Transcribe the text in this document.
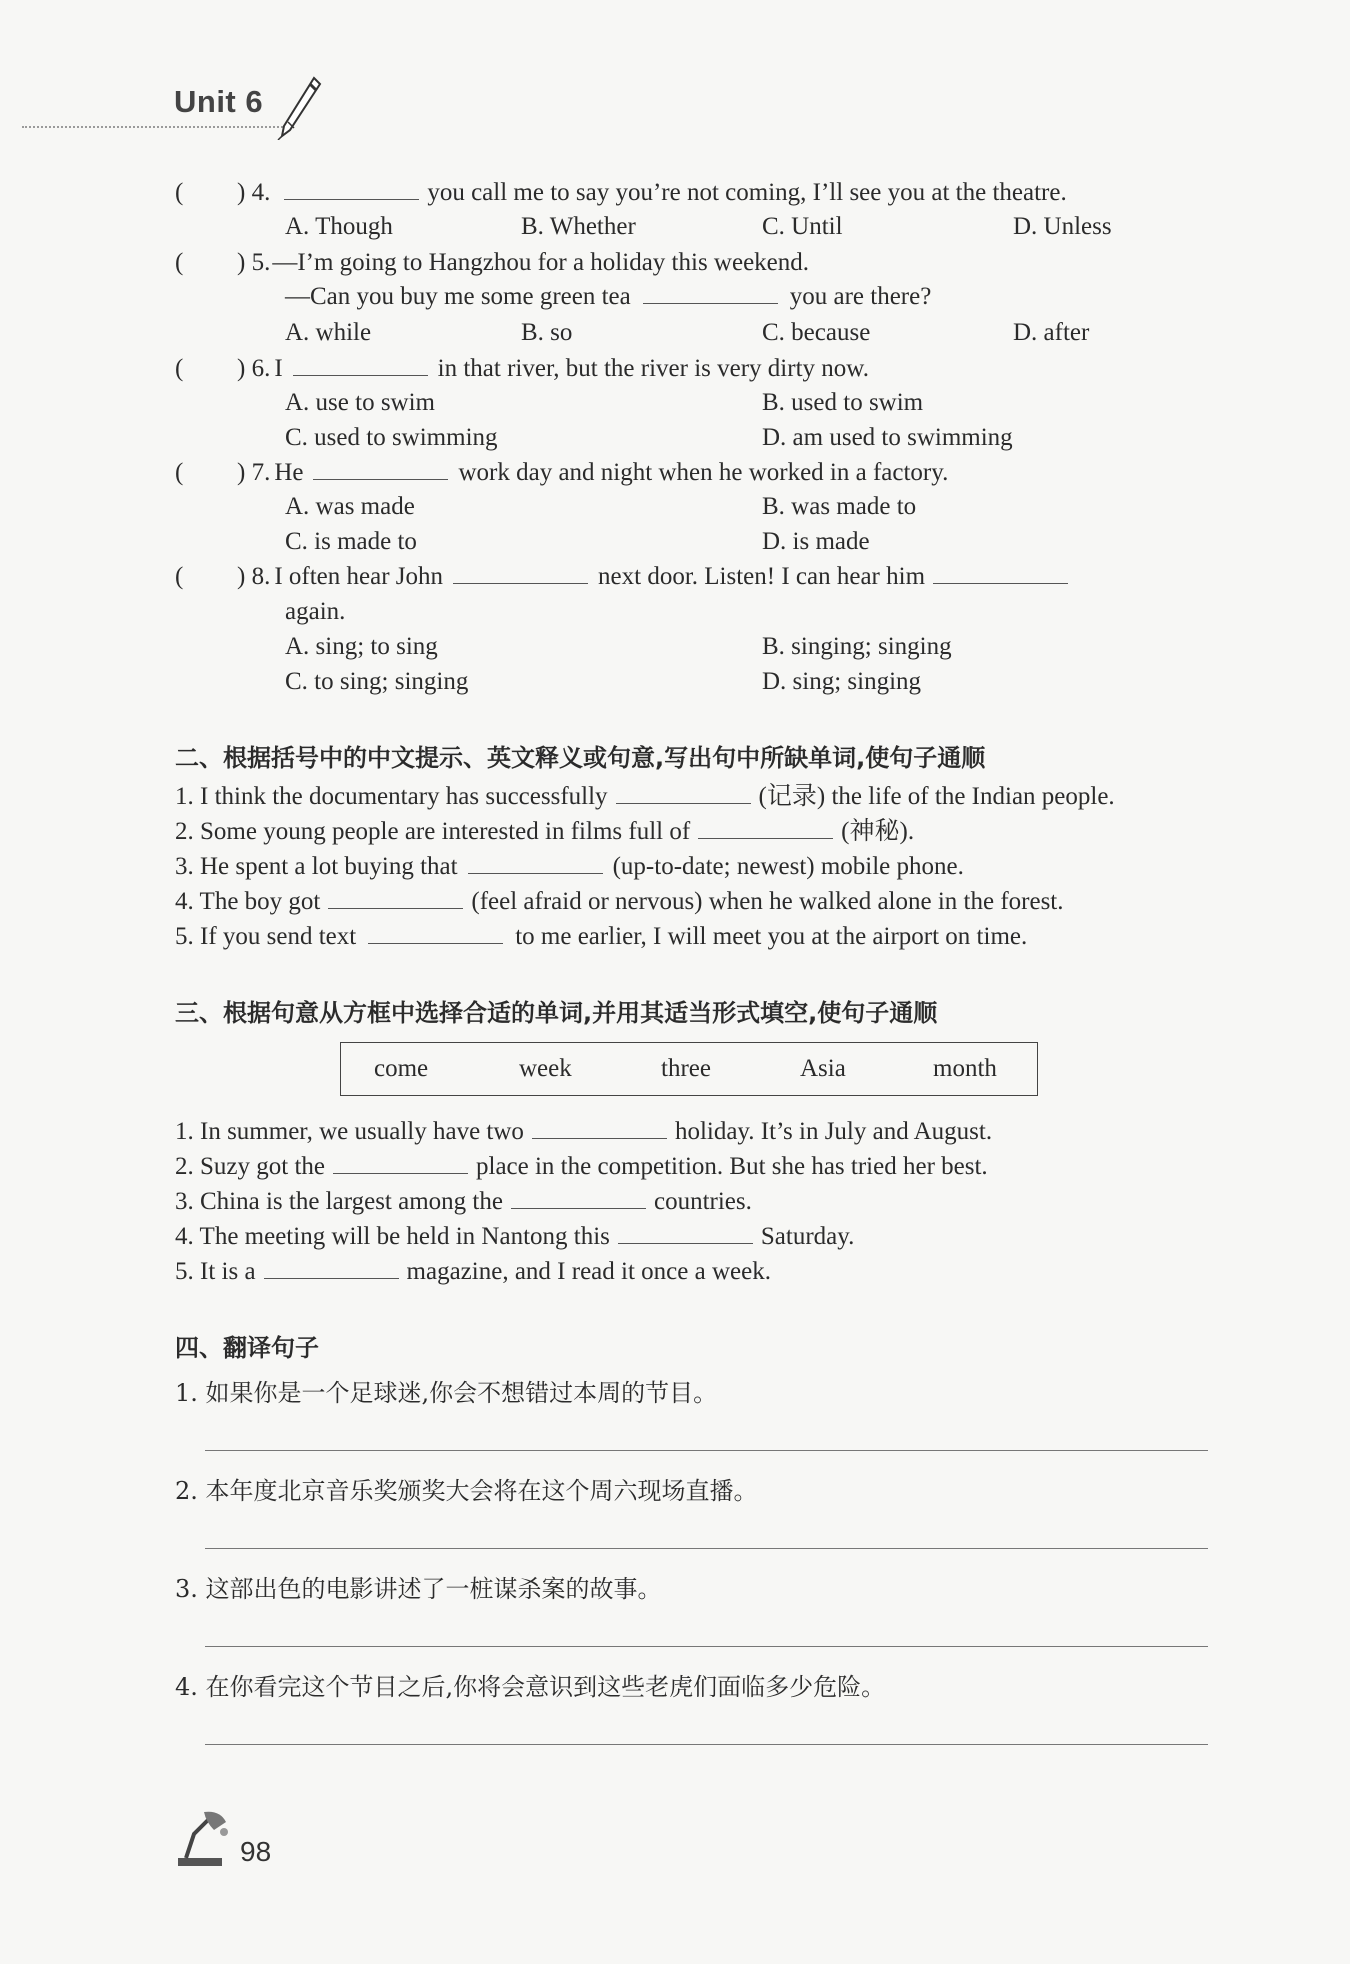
Unit 6
( ) 4.	you call me to say you’re not coming, I’ll see you at the theatre.
A. Though	B. Whether	C. Until	D. Unless
( ) 5.—I’m going to Hangzhou for a holiday this weekend.
—Can you buy me some green tea	you are there?
A. while	B. so	C. because	D. after
( ) 6. I	in that river, but the river is very dirty now.
A. use to swim	B. used to swim
C. used to swimming	D. am used to swimming
( ) 7. He	work day and night when he worked in a factory.
A. was made	B. was made to
C. is made to	D. is made
( ) 8. I often hear John	next door. Listen! I can hear him
again.
A. sing; to sing	B. singing; singing
C. to sing; singing	D. sing; singing
二、根据括号中的中文提示、英文释义或句意,写出句中所缺单词,使句子通顺
1. I think the documentary has successfully	(记录) the life of the Indian people.
2. Some young people are interested in films full of	(神秘).
3. He spent a lot buying that	(up-to-date; newest) mobile phone.
4. The boy got	(feel afraid or nervous) when he walked alone in the forest.
5. If you send text	to me earlier, I will meet you at the airport on time.
三、根据句意从方框中选择合适的单词,并用其适当形式填空,使句子通顺
come	week	three	Asia	month
1. In summer, we usually have two	holiday. It’s in July and August.
2. Suzy got the	place in the competition. But she has tried her best.
3. China is the largest among the	countries.
4. The meeting will be held in Nantong this	Saturday.
5. It is a	magazine, and I read it once a week.
四、翻译句子
1. 如果你是一个足球迷,你会不想错过本周的节目。
2. 本年度北京音乐奖颁奖大会将在这个周六现场直播。
3. 这部出色的电影讲述了一桩谋杀案的故事。
4. 在你看完这个节目之后,你将会意识到这些老虎们面临多少危险。
98
